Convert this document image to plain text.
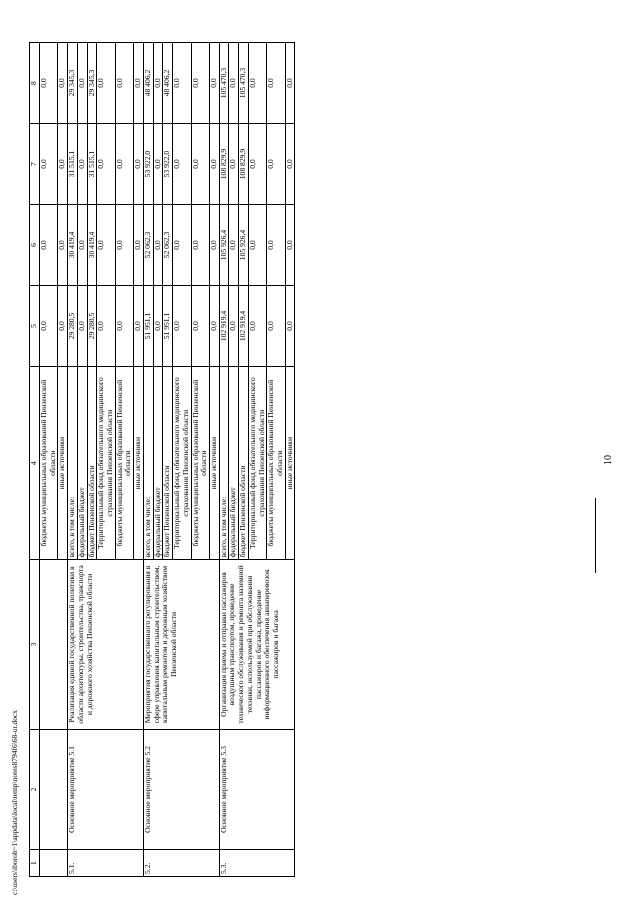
c:\users\iboroh~1\appdata\local\temp\notes8794f6\68-ur.docx
10
1	2	3	4	5	6	7	8
			бюджеты муниципальных образований Пензенской области	0,0	0,0	0,0	0,0
			иные источники	0,0	0,0	0,0	0,0
5.1.	Основное мероприятие 5.1	Реализация единой государственной политики в области архитектуры, строительства, транспорта и дорожного хозяйства Пензенской области	всего, в том числе:	29 280,5	30 419,4	31 515,1	29 345,3
			федеральный бюджет	0,0	0,0	0,0	0,0
			бюджет Пензенской области	29 280,5	30 419,4	31 515,1	29 345,3
			Территориальный фонд обязательного медицинского страхования Пензенской области	0,0	0,0	0,0	0,0
			бюджеты муниципальных образований Пензенской области	0,0	0,0	0,0	0,0
			иные источники	0,0	0,0	0,0	0,0
5.2.	Основное мероприятие 5.2	Мероприятия государственного регулирования в сфере управления капитальным строительством, капитальным ремонтом и дорожным хозяйством Пензенской области	всего, в том числе:	51 951,1	52 062,3	53 922,0	48 406,2
			федеральный бюджет	0,0	0,0	0,0	0,0
			бюджет Пензенской области	51 951,1	52 062,3	53 922,0	48 406,2
			Территориальный фонд обязательного медицинского страхования Пензенской области	0,0	0,0	0,0	0,0
			бюджеты муниципальных образований Пензенской области	0,0	0,0	0,0	0,0
			иные источники	0,0	0,0	0,0	0,0
5.3.	Основное мероприятие 5.3	Организация приема и отправки пассажиров воздушным транспортом, проведение технического обслуживания и ремонта наземной техники, используемой при обслуживании пассажиров и багажа, проведение информационного обеспечения авиаперевозок пассажиров и багажа	всего, в том числе:	102 919,4	105 926,4	108 829,9	105 470,3
			федеральный бюджет	0,0	0,0	0,0	0,0
			бюджет Пензенской области	102 919,4	105 926,4	108 829,9	105 470,3
			Территориальный фонд обязательного медицинского страхования Пензенской области	0,0	0,0	0,0	0,0
			бюджеты муниципальных образований Пензенской области	0,0	0,0	0,0	0,0
			иные источники	0,0	0,0	0,0	0,0
